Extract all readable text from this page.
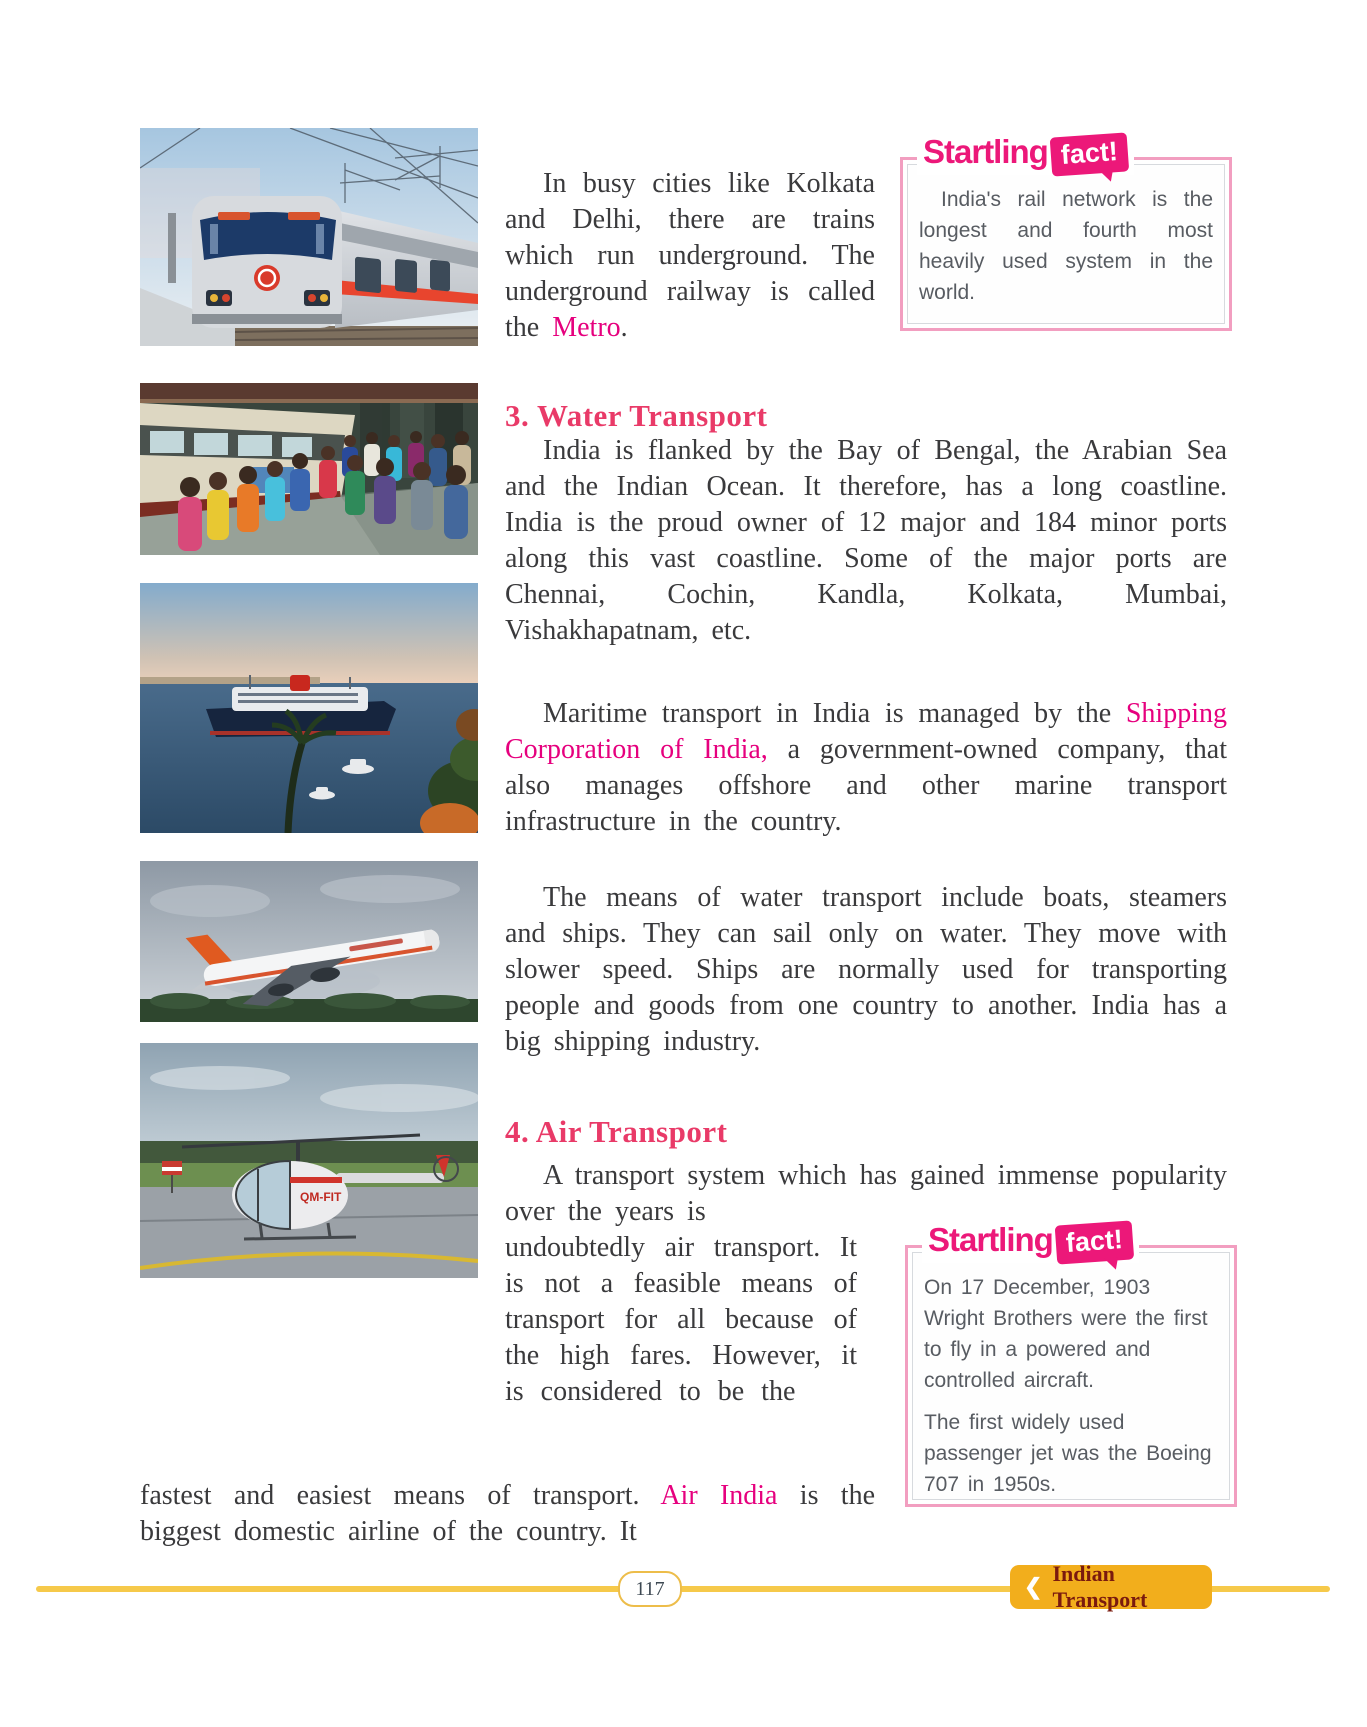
QM-FIT

In busy cities like Kolkata and Delhi, there are trains which run underground. The underground railway is called the Metro.

India's rail network is the longest and fourth most heavily used system in the world.
Startling fact!
3. Water Transport

India is flanked by the Bay of Bengal, the Arabian Sea and the Indian Ocean. It therefore, has a long coastline. India is the proud owner of 12 major and 184 minor ports along this vast coastline. Some of the major ports are Chennai, Cochin, Kandla, Kolkata, Mumbai, Vishakhapatnam, etc.

Maritime transport in India is managed by the Shipping Corporation of India, a government-owned company, that also manages offshore and other marine transport infrastructure in the country.

The means of water transport include boats, steamers and ships. They can sail only on water. They move with slower speed. Ships are normally used for transporting people and goods from one country to another. India has a big shipping industry.

4. Air Transport

A transport system which has gained immense popularity over the years is

undoubtedly air transport. It is not a feasible means of transport for all because of the high fares. However, it is considered to be the

fastest and easiest means of transport. Air India is the biggest domestic airline of the country. It

On 17 December, 1903 Wright Brothers were the first to fly in a powered and controlled aircraft.

The first widely used passenger jet was the Boeing 707 in 1950s.

Startling fact!
117	❮
Indian Transport
